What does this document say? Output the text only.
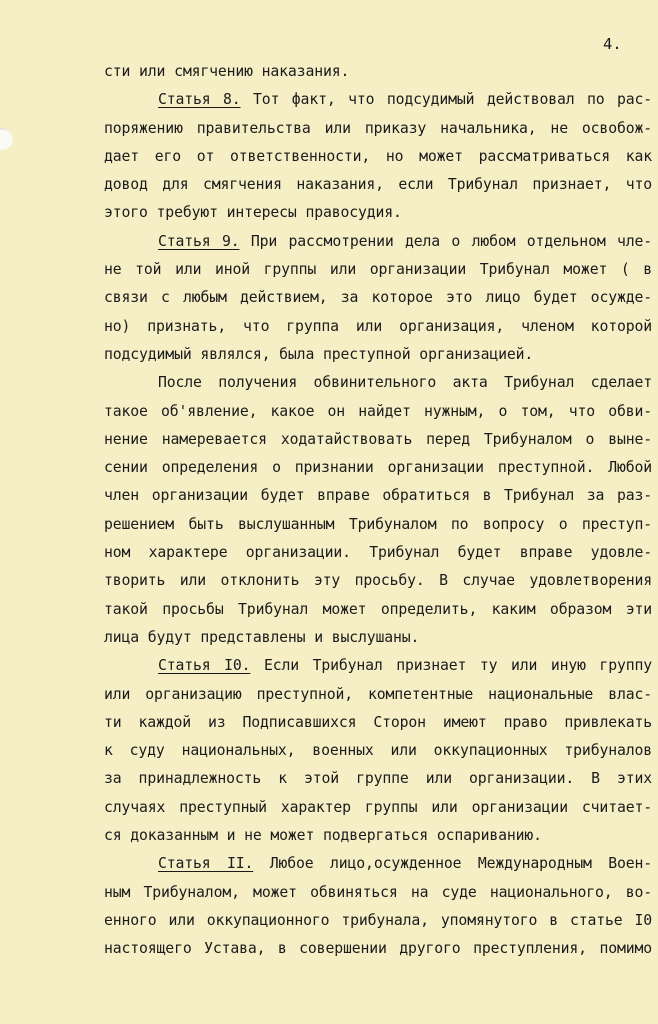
4.
сти или смягчению наказания.
Статья 8. Тот факт, что подсудимый действовал по рас-
поряжению правительства или приказу начальника, не освобож-
дает его от ответственности, но может рассматриваться как
довод для смягчения наказания, если Трибунал признает, что
этого требуют интересы правосудия.
Статья 9. При рассмотрении дела о любом отдельном чле-
не той или иной группы или организации Трибунал может ( в
связи с любым действием, за которое это лицо будет осужде-
но) признать, что группа или организация, членом которой
подсудимый являлся, была преступной организацией.
После получения обвинительного акта Трибунал сделает
такое об'явление, какое он найдет нужным, о том, что обви-
нение намеревается ходатайствовать перед Трибуналом о выне-
сении определения о признании организации преступной. Любой
член организации будет вправе обратиться в Трибунал за раз-
решением быть выслушанным Трибуналом по вопросу о преступ-
ном характере организации. Трибунал будет вправе удовле-
творить или отклонить эту просьбу. В случае удовлетворения
такой просьбы Трибунал может определить, каким образом эти
лица будут представлены и выслушаны.
Статья I0. Если Трибунал признает ту или иную группу
или организацию преступной, компетентные национальные влас-
ти каждой из Подписавшихся Сторон имеют право привлекать
к суду национальных, военных или оккупационных трибуналов
за принадлежность к этой группе или организации. В этих
случаях преступный характер группы или организации считает-
ся доказанным и не может подвергаться оспариванию.
Статья II. Любое лицо,осужденное Международным Воен-
ным Трибуналом, может обвиняться на суде национального, во-
енного или оккупационного трибунала, упомянутого в статье I0
настоящего Устава, в совершении другого преступления, помимо
